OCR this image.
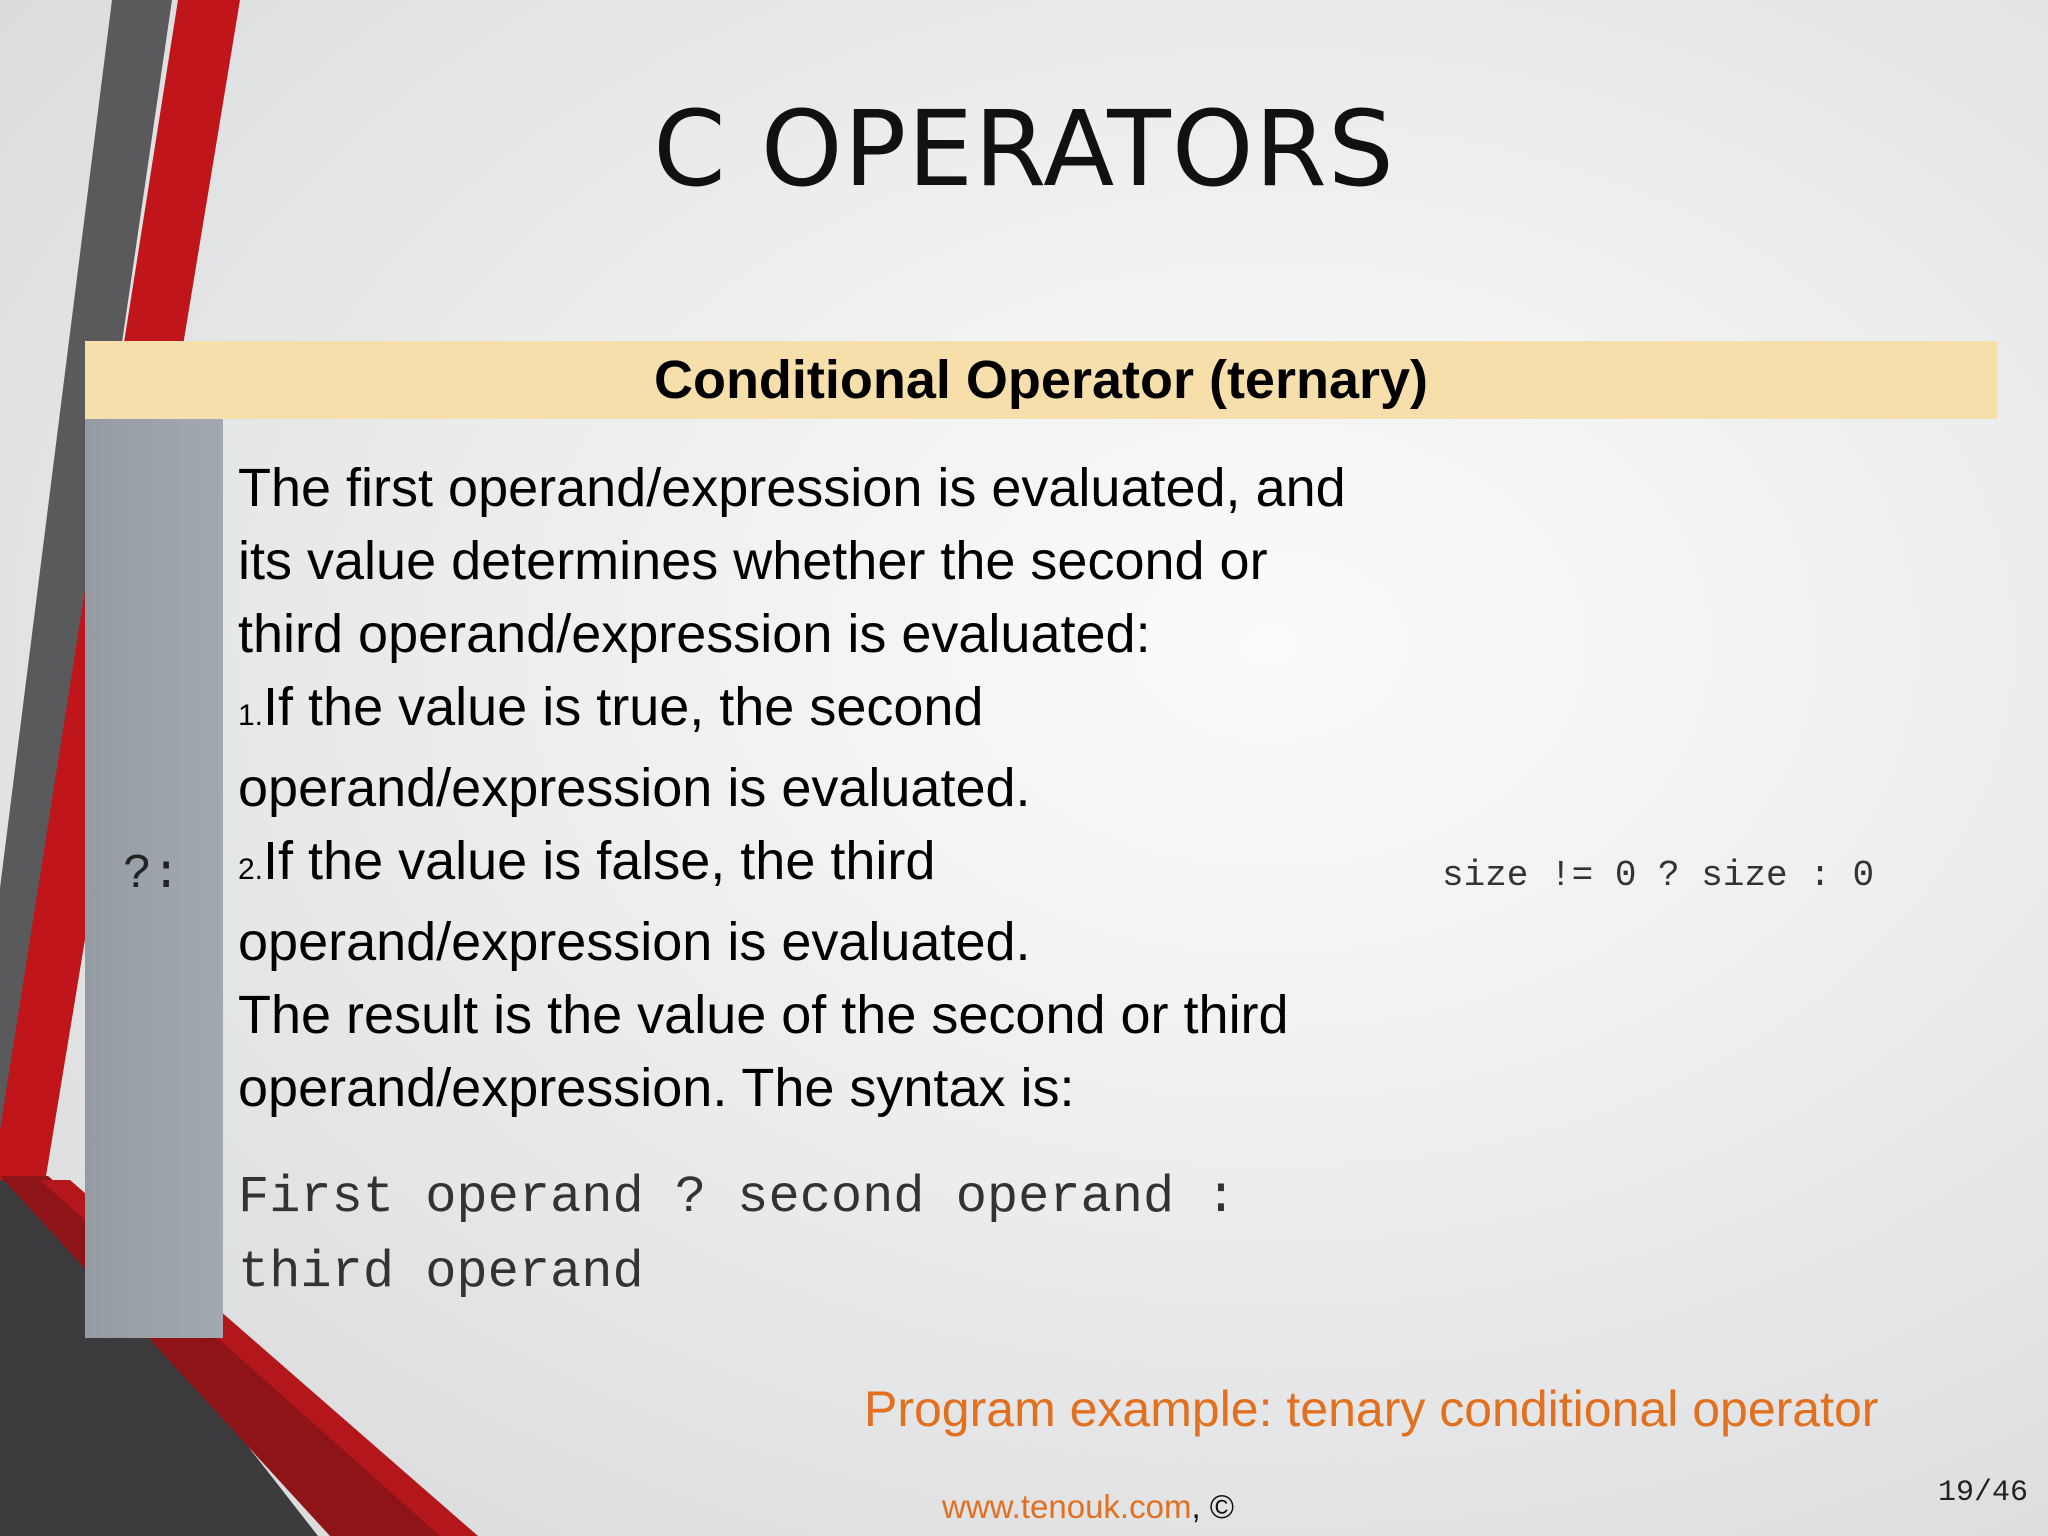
C OPERATORS
Conditional Operator (ternary)
?:
The first operand/expression is evaluated, and
its value determines whether the second or
third operand/expression is evaluated:
1.If the value is true, the second
operand/expression is evaluated.
2.If the value is false, the third
operand/expression is evaluated.
The result is the value of the second or third
operand/expression. The syntax is:
First operand ? second operand :
third operand
size != 0 ? size : 0
Program example: tenary conditional operator
www.tenouk.com, ©	19/46
